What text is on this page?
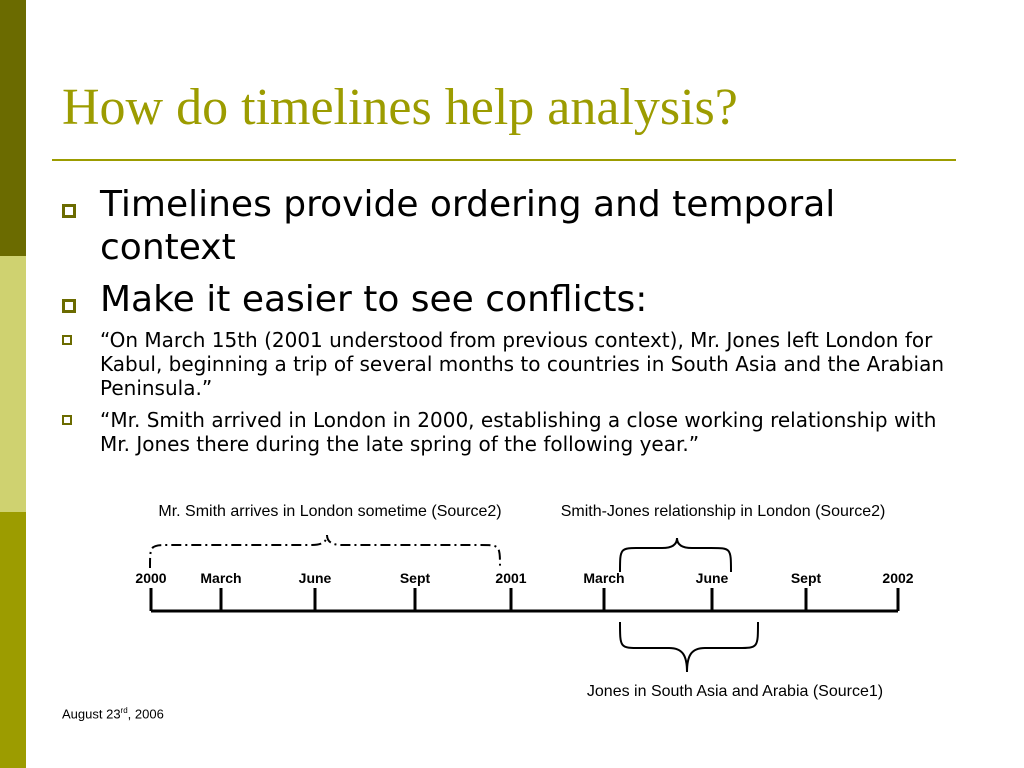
How do timelines help analysis?
Timelines provide ordering and temporal context
Make it easier to see conflicts:
“On March 15th (2001 understood from previous context), Mr. Jones left London for Kabul, beginning a trip of several months to countries in South Asia and the Arabian Peninsula.”
“Mr. Smith arrived in London in 2000, establishing a close working relationship with Mr. Jones there during the late spring of the following year.”
Mr. Smith arrives in London sometime (Source2)	Smith-Jones relationship in London (Source2)
Jones in South Asia and Arabia (Source1)
2000 March	June	Sept	2001	March	June	Sept	2002
August 23rd, 2006
